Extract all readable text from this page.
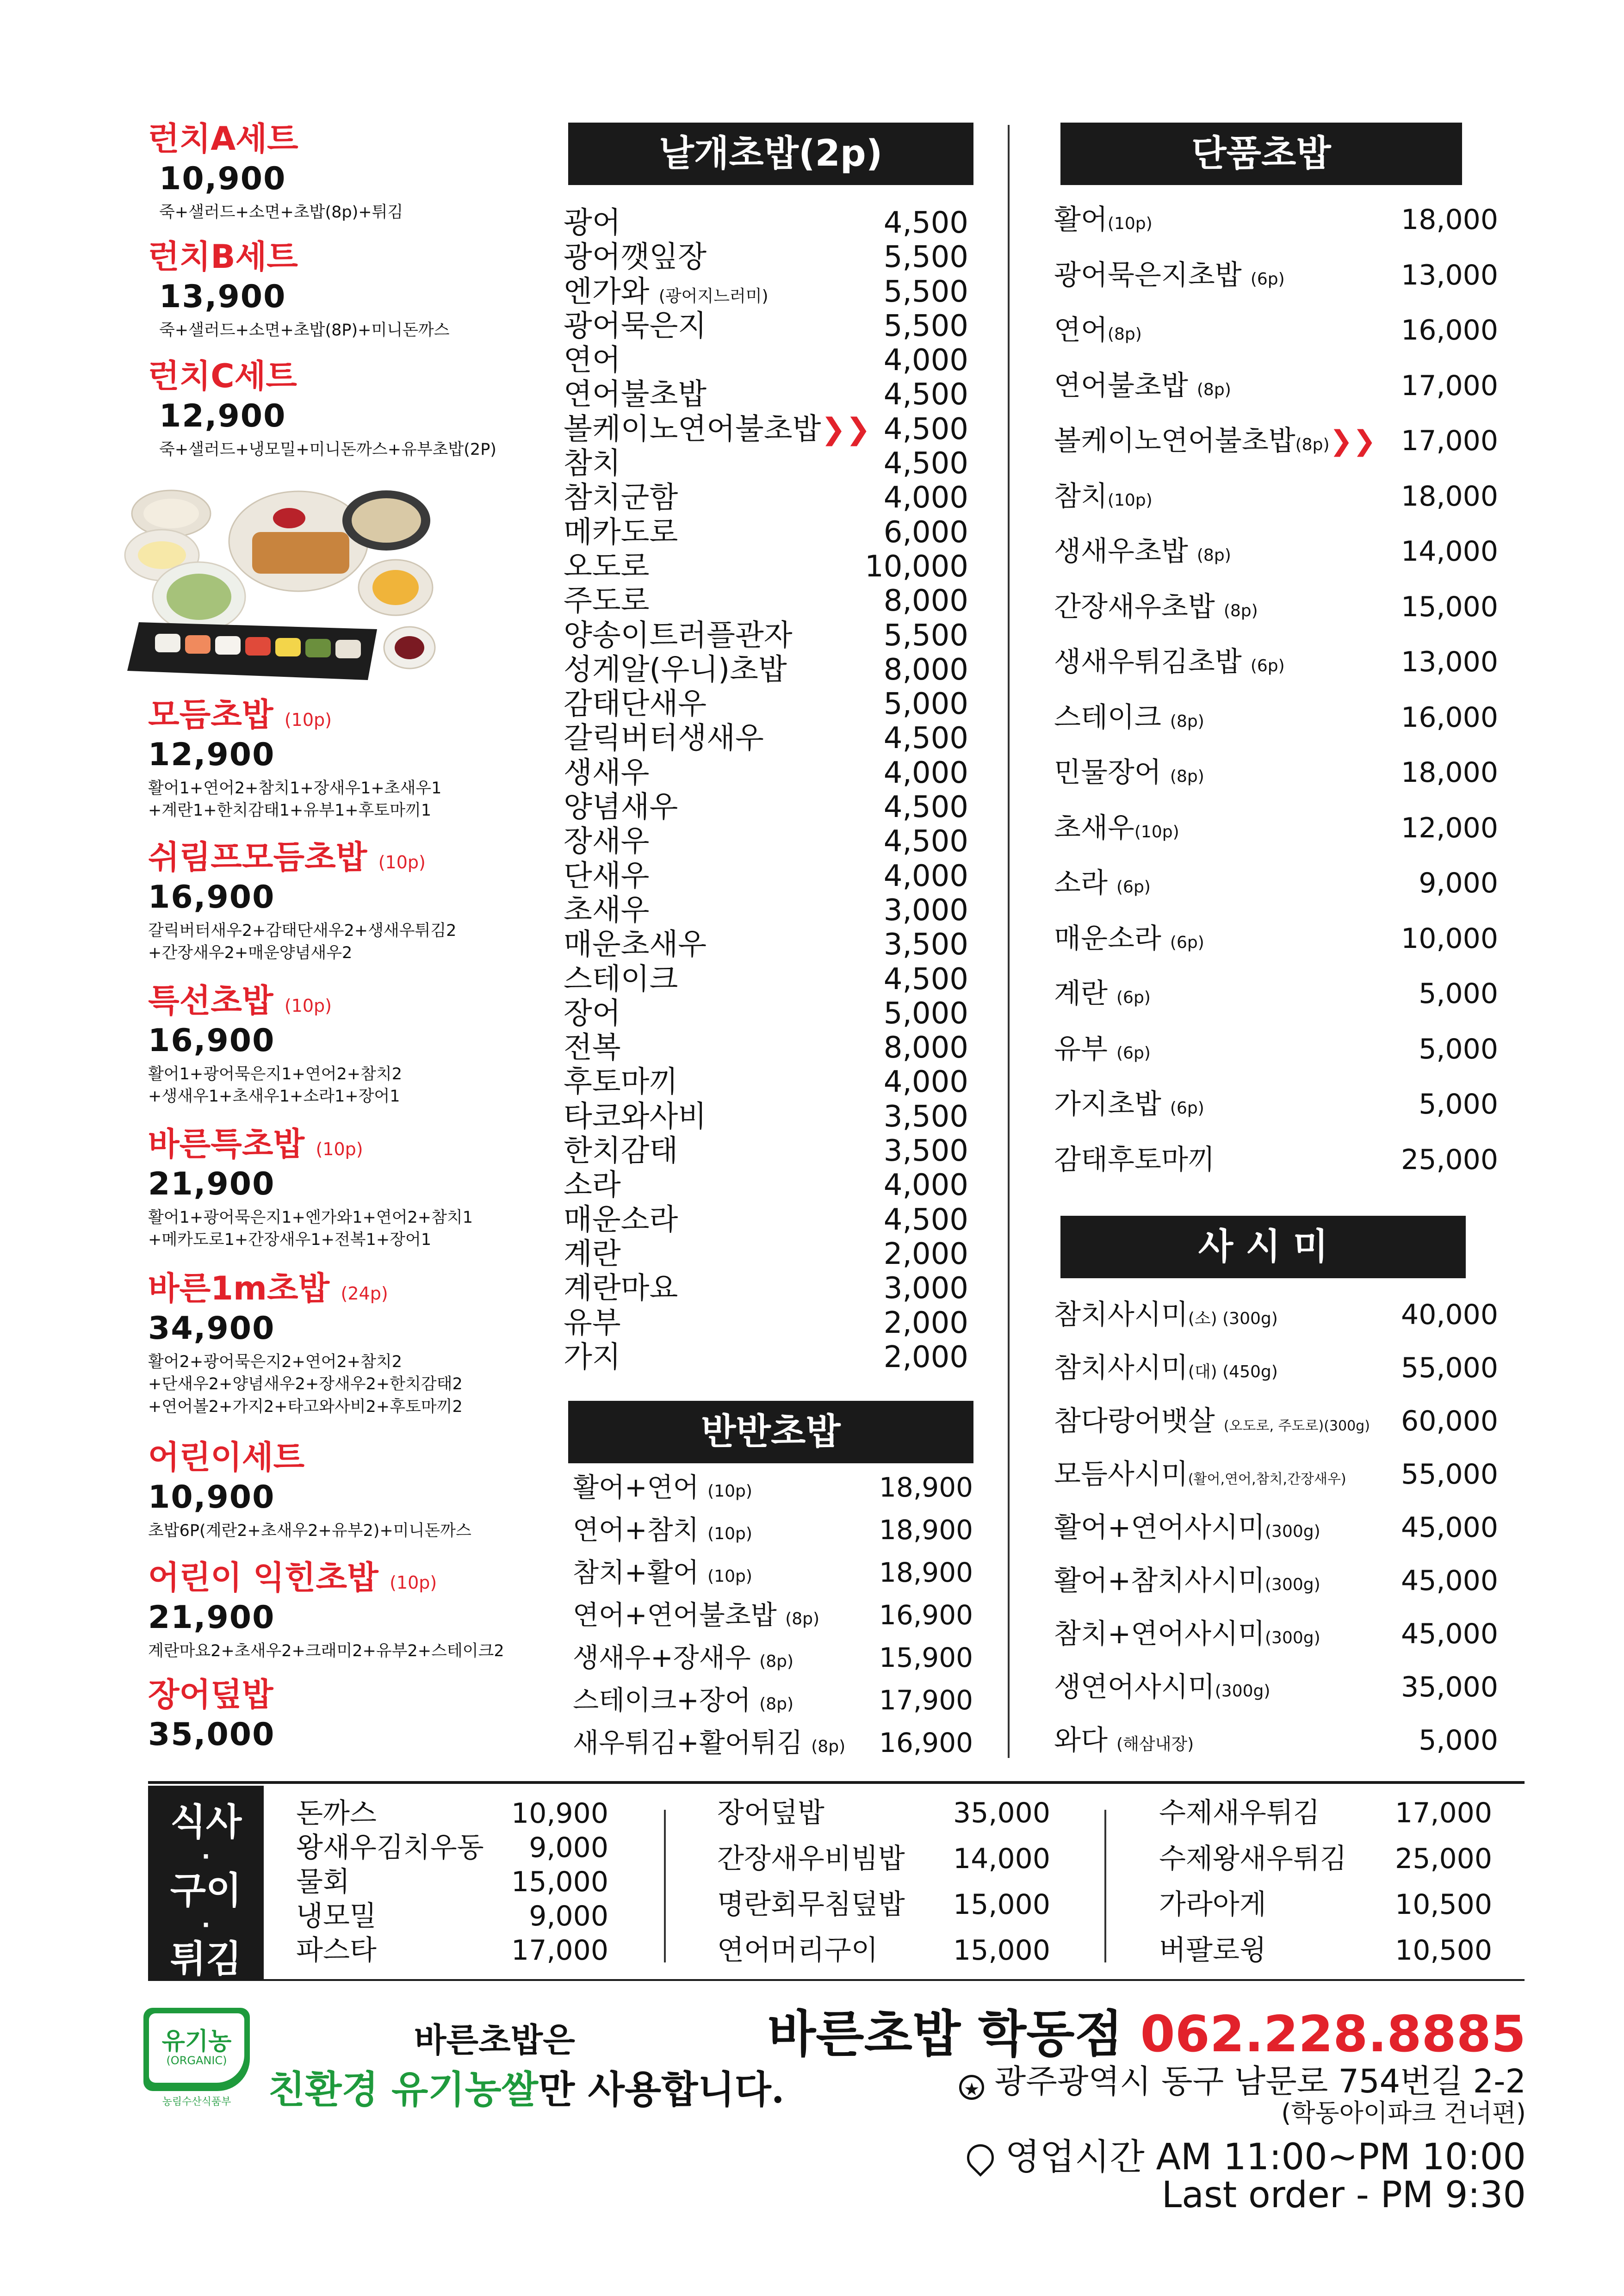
런치A세트
10,900
죽+샐러드+소면+초밥(8p)+튀김
런치B세트
13,900
죽+샐러드+소면+초밥(8P)+미니돈까스
런치C세트
12,900
죽+샐러드+냉모밀+미니돈까스+유부초밥(2P)
모듬초밥 (10p)
12,900
활어1+연어2+참치1+장새우1+초새우1
+계란1+한치감태1+유부1+후토마끼1
쉬림프모듬초밥 (10p)
16,900
갈릭버터새우2+감태단새우2+생새우튀김2
+간장새우2+매운양념새우2
특선초밥 (10p)
16,900
활어1+광어묵은지1+연어2+참치2
+생새우1+초새우1+소라1+장어1
바른특초밥 (10p)
21,900
활어1+광어묵은지1+엔가와1+연어2+참치1
+메카도로1+간장새우1+전복1+장어1
바른1m초밥 (24p)
34,900
활어2+광어묵은지2+연어2+참치2
+단새우2+양념새우2+장새우2+한치감태2
+연어볼2+가지2+타고와사비2+후토마끼2
어린이세트
10,900
초밥6P(계란2+초새우2+유부2)+미니돈까스
어린이 익힌초밥 (10p)
21,900
계란마요2+초새우2+크래미2+유부2+스테이크2
장어덮밥
35,000
낱개초밥(2p)
광어	4,500
광어깻잎장	5,500
엔가와 (광어지느러미)	5,500
광어묵은지	5,500
연어	4,000
연어불초밥	4,500
볼케이노연어불초밥❯❯ 4,500
참치	4,500
참치군함	4,000
메카도로	6,000
오도로	10,000
주도로	8,000
양송이트러플관자	5,500
성게알(우니)초밥	8,000
감태단새우	5,000
갈릭버터생새우	4,500
생새우	4,000
양념새우	4,500
장새우	4,500
단새우	4,000
초새우	3,000
매운초새우	3,500
스테이크	4,500
장어	5,000
전복	8,000
후토마끼	4,000
타코와사비	3,500
한치감태	3,500
소라	4,000
매운소라	4,500
계란	2,000
계란마요	3,000
유부	2,000
가지	2,000
반반초밥
활어+연어 (10p)	18,900
연어+참치 (10p)	18,900
참치+활어 (10p)	18,900
연어+연어불초밥 (8p) 16,900
생새우+장새우 (8p)	15,900
스테이크+장어 (8p)	17,900
새우튀김+활어튀김 (8p) 16,900
단품초밥
활어(10p)	18,000
광어묵은지초밥 (6p)	13,000
연어(8p)	16,000
연어불초밥 (8p)	17,000
볼케이노연어불초밥(8p)❯❯ 17,000
참치(10p)	18,000
생새우초밥 (8p)	14,000
간장새우초밥 (8p)	15,000
생새우튀김초밥 (6p)	13,000
스테이크 (8p)	16,000
민물장어 (8p)	18,000
초새우(10p)	12,000
소라 (6p)	9,000
매운소라 (6p)	10,000
계란 (6p)	5,000
유부 (6p)	5,000
가지초밥 (6p)	5,000
감태후토마끼	25,000
사 시 미
참치사시미(소) (300g)	40,000
참치사시미(대) (450g)	55,000
참다랑어뱃살 (오도로, 주도로)(300g) 60,000
모듬사시미(활어,연어,참치,간장새우) 55,000
활어+연어사시미(300g)	45,000
활어+참치사시미(300g)	45,000
참치+연어사시미(300g)	45,000
생연어사시미(300g)	35,000
와다 (해삼내장)	5,000
식사
·
구이
·
튀김
돈까스	10,900
왕새우김치우동 9,000
물회	15,000
냉모밀	9,000
파스타	17,000
장어덮밥	35,000
간장새우비빔밥 14,000
명란회무침덮밥 15,000
연어머리구이	15,000
수제새우튀김	17,000
수제왕새우튀김 25,000
가라아게	10,500
버팔로윙	10,500
유기농
(ORGANIC)
농림수산식품부
바른초밥은
친환경 유기농쌀만 사용합니다.
바른초밥 학동점 062.228.8885
★ 광주광역시 동구 남문로 754번길 2-2
(학동아이파크 건너편)
영업시간 AM 11:00~PM 10:00
Last order - PM 9:30
